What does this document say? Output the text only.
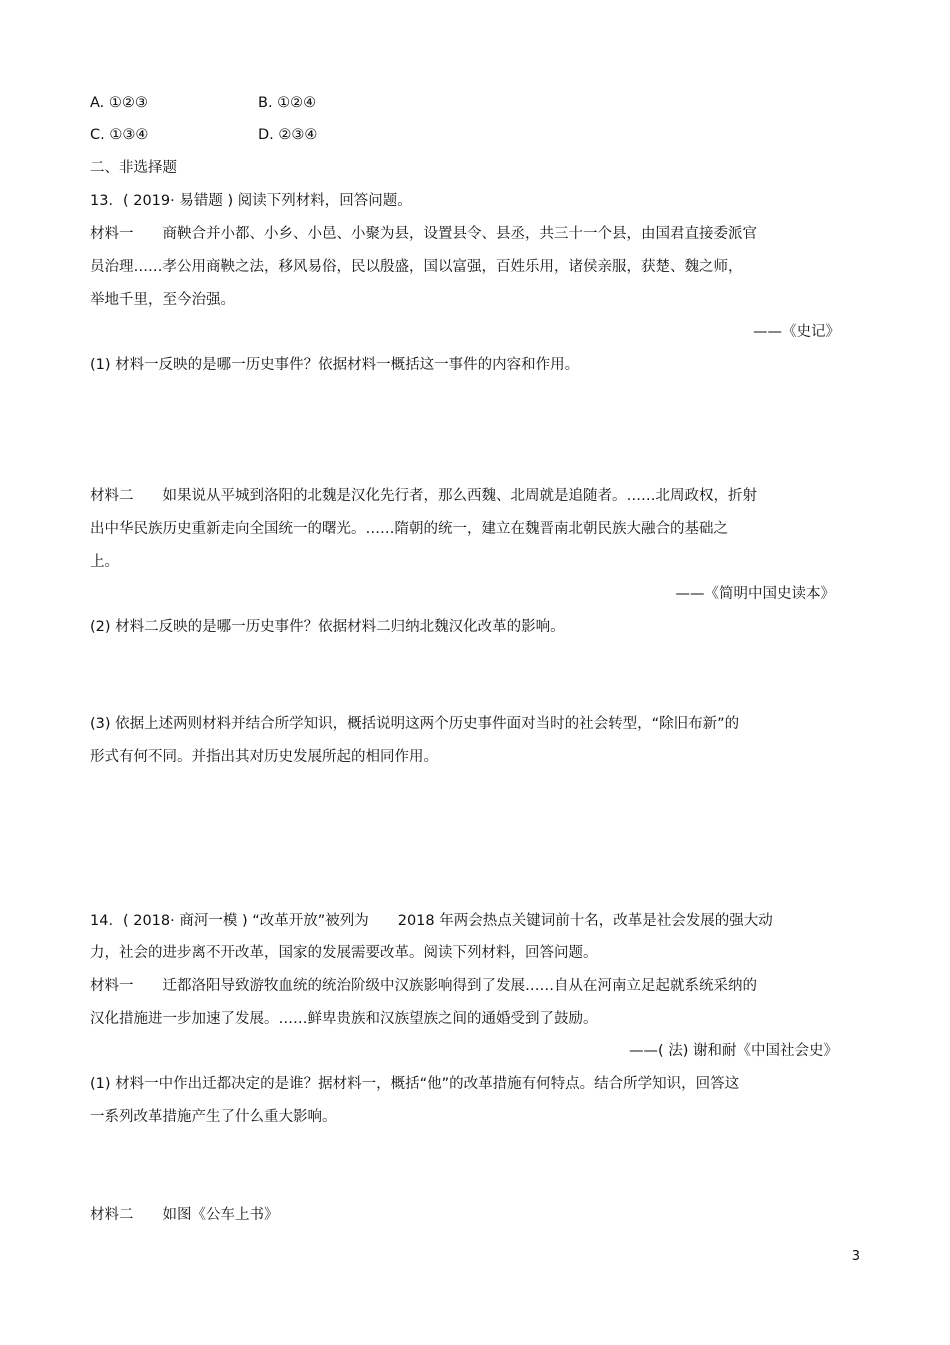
A. ①②③	B. ①②④
C. ①③④	D. ②③④
二、非选择题
13．( 2019· 易错题 ) 阅读下列材料，回答问题。
材料一　　商鞅合并小都、小乡、小邑、小聚为县，设置县令、县丞，共三十一个县，由国君直接委派官
员治理……孝公用商鞅之法，移风易俗，民以殷盛，国以富强，百姓乐用，诸侯亲服，获楚、魏之师，
举地千里，至今治强。
——《史记》
(1) 材料一反映的是哪一历史事件？依据材料一概括这一事件的内容和作用。
材料二　　如果说从平城到洛阳的北魏是汉化先行者，那么西魏、北周就是追随者。……北周政权，折射
出中华民族历史重新走向全国统一的曙光。……隋朝的统一，建立在魏晋南北朝民族大融合的基础之
上。
——《简明中国史读本》
(2) 材料二反映的是哪一历史事件？依据材料二归纳北魏汉化改革的影响。
(3) 依据上述两则材料并结合所学知识，概括说明这两个历史事件面对当时的社会转型，“除旧布新”的
形式有何不同。并指出其对历史发展所起的相同作用。
14．( 2018· 商河一模 ) “改革开放”被列为　　2018 年两会热点关键词前十名，改革是社会发展的强大动
力，社会的进步离不开改革，国家的发展需要改革。阅读下列材料，回答问题。
材料一　　迁都洛阳导致游牧血统的统治阶级中汉族影响得到了发展……自从在河南立足起就系统采纳的
汉化措施进一步加速了发展。……鲜卑贵族和汉族望族之间的通婚受到了鼓励。
——( 法) 谢和耐《中国社会史》
(1) 材料一中作出迁都决定的是谁？据材料一，概括“他”的改革措施有何特点。结合所学知识，回答这
一系列改革措施产生了什么重大影响。
材料二　　如图《公车上书》
3
